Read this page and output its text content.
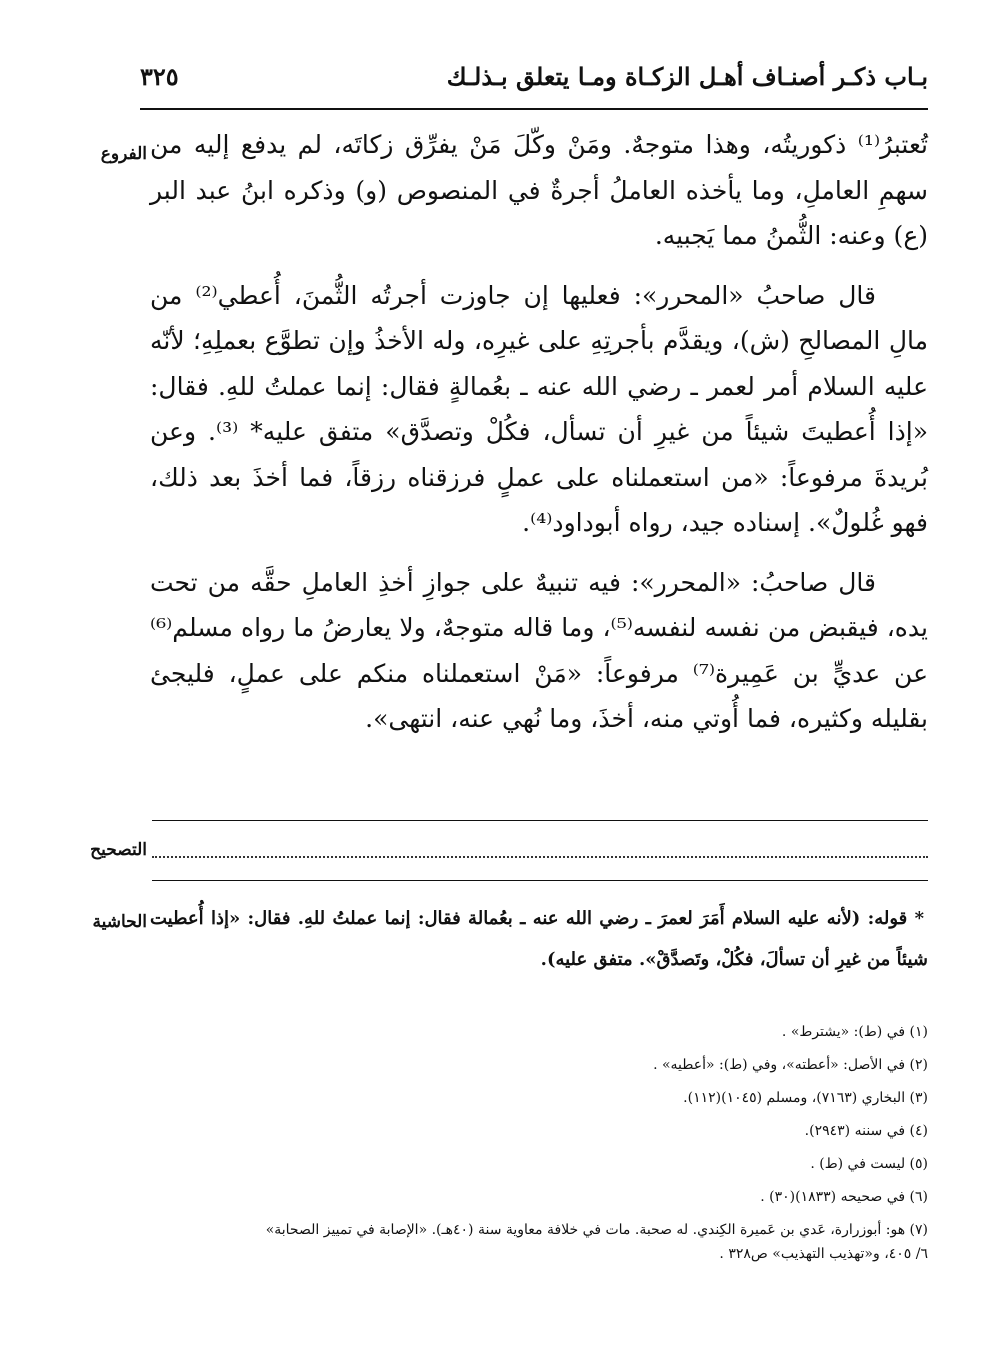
بـاب ذكـر أصنـاف أهـل الزكـاة ومـا يتعلق بـذلـك
٣٢٥
الفروع تُعتبرُ⁽¹⁾ ذكوريتُه، وهذا متوجهٌ. ومَنْ وكّلَ مَنْ يفرِّق زكاتَه، لم يدفع إليه من سهمِ العاملِ، وما يأخذه العاملُ أجرةٌ في المنصوص (و) وذكره ابنُ عبد البر (ع) وعنه: الثُّمنُ مما يَجبيه.

قال صاحبُ «المحرر»: فعليها إن جاوزت أجرتُه الثُّمنَ، أُعطي⁽²⁾ من مالِ المصالحِ (ش)، ويقدَّم بأجرتِهِ على غيرِه، وله الأخذُ وإن تطوَّع بعملِهِ؛ لأنّه عليه السلام أمر لعمر ـ رضي الله عنه ـ بعُمالةٍ فقال: إنما عملتُ للهِ. فقال: «إذا أُعطيتَ شيئاً من غيرِ أن تسأل، فكُلْ وتصدَّق» متفق عليه* ⁽³⁾. وعن بُريدةَ مرفوعاً: «من استعملناه على عملٍ فرزقناه رزقاً، فما أخذَ بعد ذلك، فهو غُلولٌ». إسناده جيد، رواه أبوداود⁽⁴⁾.

قال صاحبُ: «المحرر»: فيه تنبيهٌ على جوازِ أخذِ العاملِ حقَّه من تحت يده، فيقبض من نفسه لنفسه⁽⁵⁾، وما قاله متوجهٌ، ولا يعارضُ ما رواه مسلم⁽⁶⁾ عن عديٍّ بن عَمِيرة⁽⁷⁾ مرفوعاً: «مَنْ استعملناه منكم على عملٍ، فليجئ بقليله وكثيره، فما أُوتي منه، أخذَ، وما نُهي عنه، انتهى».

التصحيح
الحاشية * قوله: (لأنه عليه السلام أَمَرَ لعمرَ ـ رضي الله عنه ـ بعُمالة فقال: إنما عملتُ للهِ. فقال: «إذا أُعطيت شيئاً من غيرِ أن تسألَ، فكُلْ، وتَصدَّقْ». متفق عليه).

(١) في (ط): «يشترط» .
(٢) في الأصل: «أعطته»، وفي (ط): «أعطيه» .
(٣) البخاري (٧١٦٣)، ومسلم (١٠٤٥)(١١٢).
(٤) في سننه (٢٩٤٣).
(٥) ليست في (ط) .
(٦) في صحيحه (١٨٣٣)(٣٠) .
(٧) هو: أبوزرارة، عَدي بن عَميرة الكِندي. له صحبة. مات في خلافة معاوية سنة (٤٠هـ). «الإصابة في تمييز الصحابة»
٦/ ٤٠٥، و«تهذيب التهذيب» ص٣٢٨ .
